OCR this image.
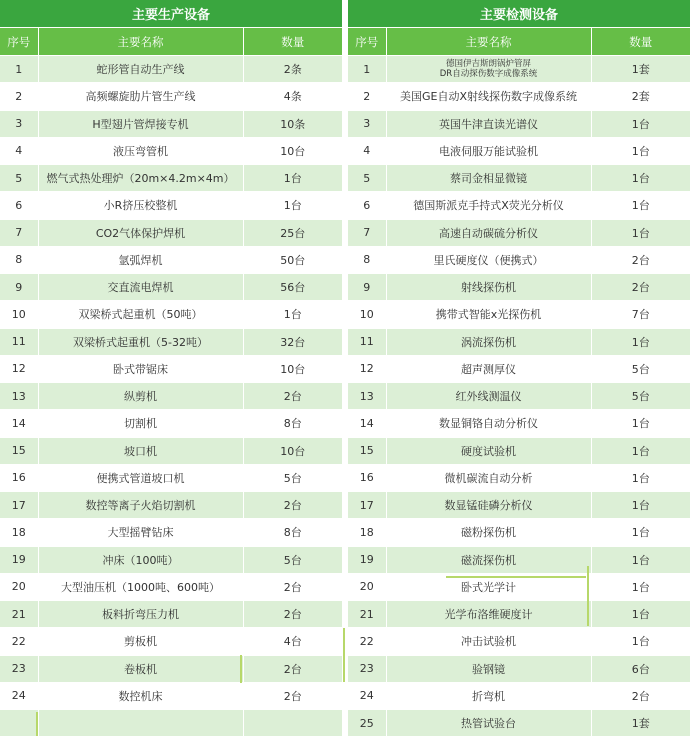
主要生产设备
序号	主要名称	数量
1	蛇形管自动生产线	2条
2	高频螺旋肋片管生产线	4条
3	H型翅片管焊接专机	10条
4	液压弯管机	10台
5	燃气式热处理炉（20m×4.2m×4m）	1台
6	小R挤压校整机	1台
7	CO2气体保护焊机	25台
8	氩弧焊机	50台
9	交直流电焊机	56台
10	双梁桥式起重机（50吨）	1台
11	双梁桥式起重机（5-32吨）	32台
12	卧式带锯床	10台
13	纵剪机	2台
14	切割机	8台
15	坡口机	10台
16	便携式管道坡口机	5台
17	数控等离子火焰切割机	2台
18	大型摇臂钻床	8台
19	冲床（100吨）	5台
20	大型油压机（1000吨、600吨）	2台
21	板料折弯压力机	2台
22	剪板机	4台
23	卷板机	2台
24	数控机床	2台

主要检测设备
序号	主要名称	数量
1	德国伊吉斯朗锅炉管屏
DR自动探伤数字成像系统	1套
2	美国GE自动X射线探伤数字成像系统	2套
3	英国牛津直读光谱仪	1台
4	电液伺服万能试验机	1台
5	蔡司金相显微镜	1台
6	德国斯派克手持式X荧光分析仪	1台
7	高速自动碳硫分析仪	1台
8	里氏硬度仪（便携式）	2台
9	射线探伤机	2台
10	携带式智能x光探伤机	7台
11	涡流探伤机	1台
12	超声测厚仪	5台
13	红外线测温仪	5台
14	数显铜铬自动分析仪	1台
15	硬度试验机	1台
16	微机碳流自动分析	1台
17	数显锰硅磷分析仪	1台
18	磁粉探伤机	1台
19	磁流探伤机	1台
20	卧式光学计	1台
21	光学布洛维硬度计	1台
22	冲击试验机	1台
23	验钢镜	6台
24	折弯机	2台
25	热管试验台	1套
